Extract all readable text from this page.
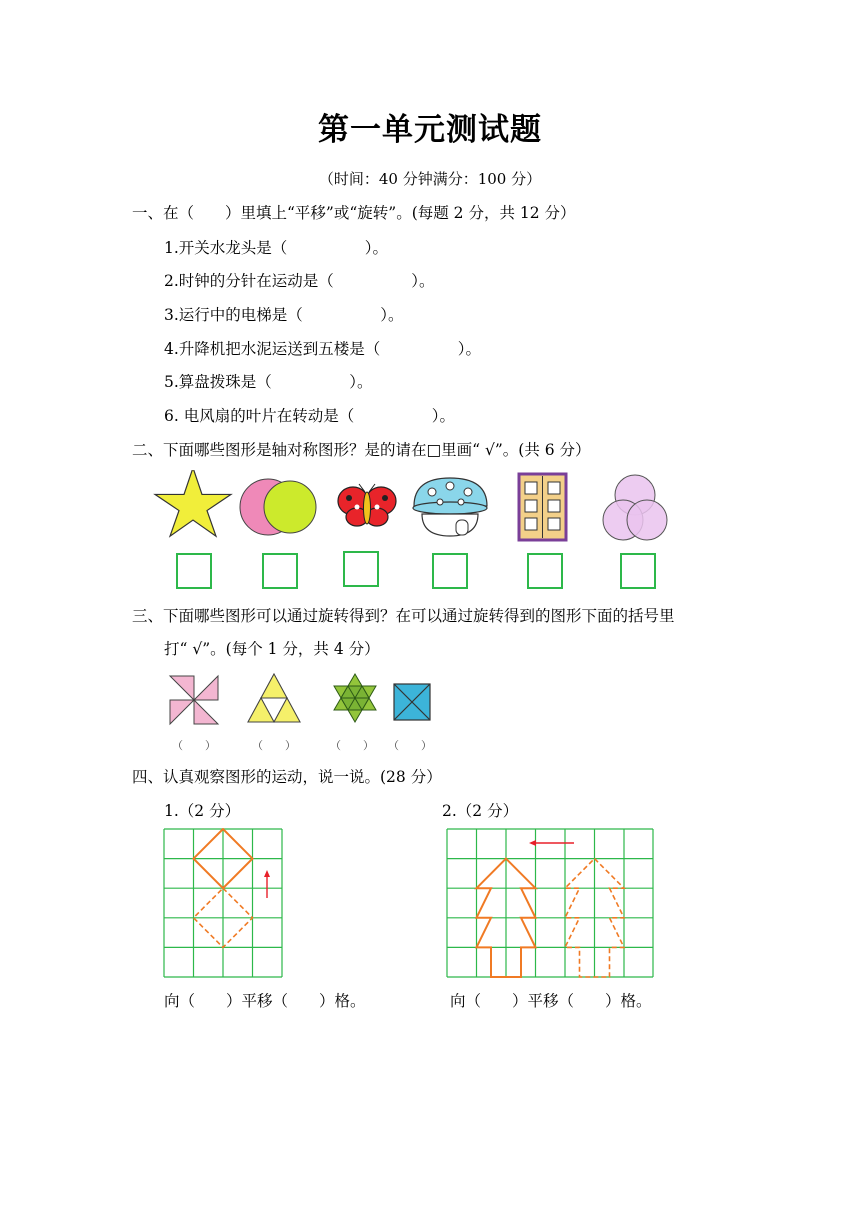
第一单元测试题
（时间：40 分钟满分：100 分）
一、在（　　）里填上“平移”或“旋转”。(每题 2 分，共 12 分）
1.开关水龙头是（　　　　　）。
2.时钟的分针在运动是（　　　　　）。
3.运行中的电梯是（　　　　　）。
4.升降机把水泥运送到五楼是（　　　　　）。
5.算盘拨珠是（　　　　　）。
6. 电风扇的叶片在转动是（　　　　　）。
二、下面哪些图形是轴对称图形？是的请在□里画“ √”。(共 6 分）
三、下面哪些图形可以通过旋转得到？在可以通过旋转得到的图形下面的括号里
打“ √”。(每个 1 分，共 4 分）
（　　）	（　　）	（　　） （　　）
四、认真观察图形的运动，说一说。(28 分）
1.（2 分）	2.（2 分）
向（　　）平移（　　）格。	向（　　）平移（　　）格。
